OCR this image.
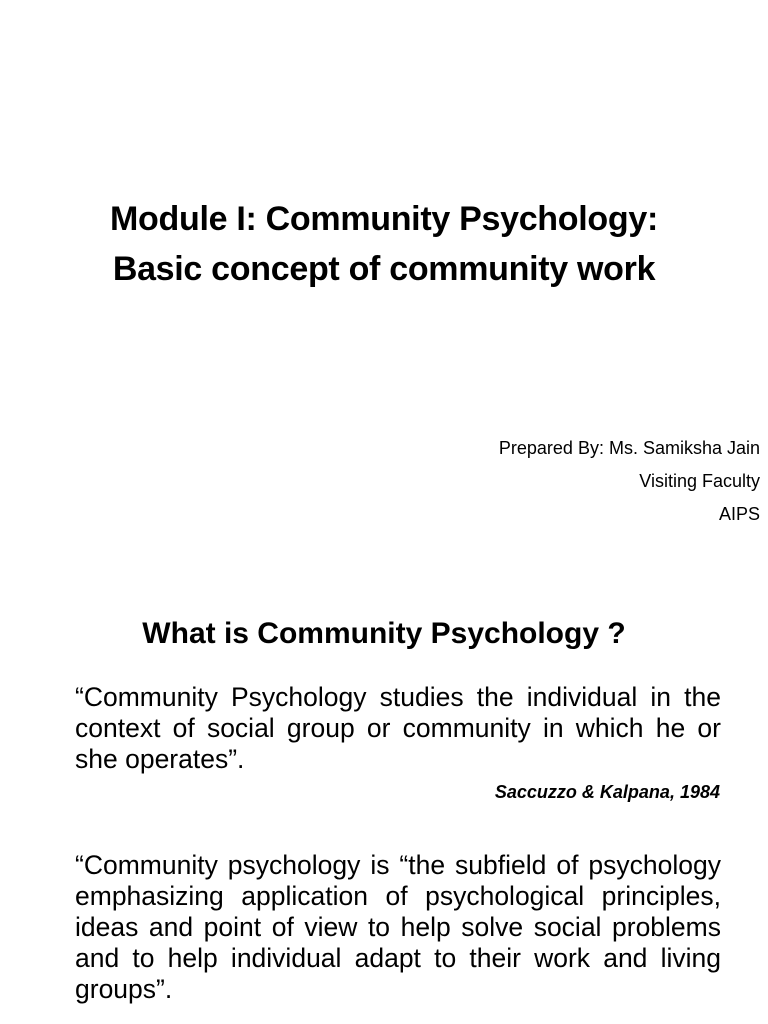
Module I: Community Psychology:
Basic concept of community work
Prepared By: Ms. Samiksha Jain
Visiting Faculty
AIPS
What is Community Psychology ?
“Community Psychology studies the individual in the context of social group or community in which he or she operates”.
Saccuzzo & Kalpana, 1984
“Community psychology is “the subfield of psychology emphasizing application of psychological principles, ideas and point of view to help solve social problems and to help individual adapt to their work and living groups”.
